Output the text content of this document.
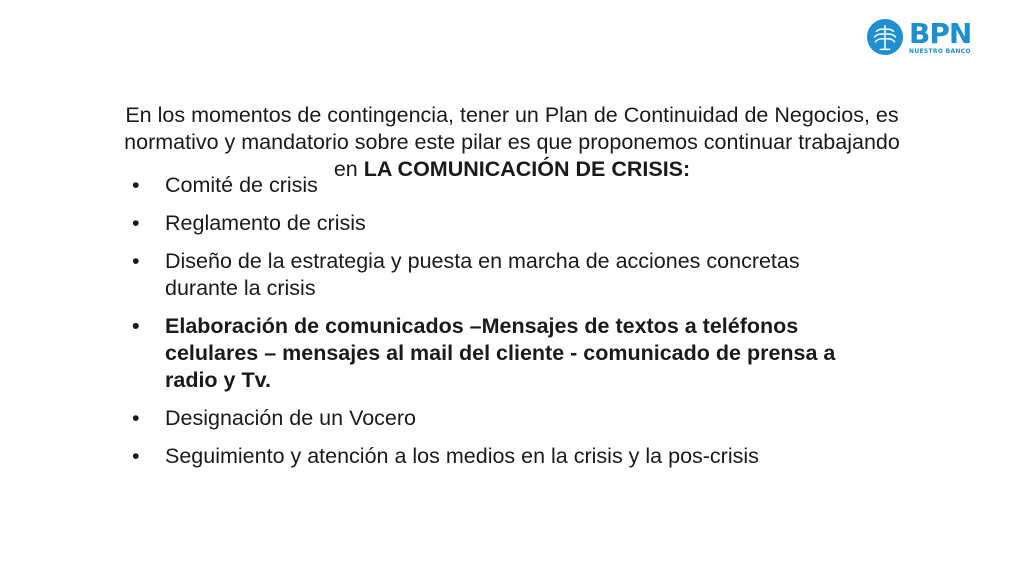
BPN
NUESTRO BANCO

En los momentos de contingencia, tener un Plan de Continuidad de Negocios, es normativo y mandatorio sobre este pilar es que proponemos continuar trabajando en LA COMUNICACIÓN DE CRISIS:

• Comité de crisis
• Reglamento de crisis
• Diseño de la estrategia y puesta en marcha de acciones concretas durante la crisis
• Elaboración de comunicados –Mensajes de textos a teléfonos celulares – mensajes al mail del cliente - comunicado de prensa a radio y Tv.
• Designación de un Vocero
• Seguimiento y atención a los medios en la crisis y la pos-crisis
